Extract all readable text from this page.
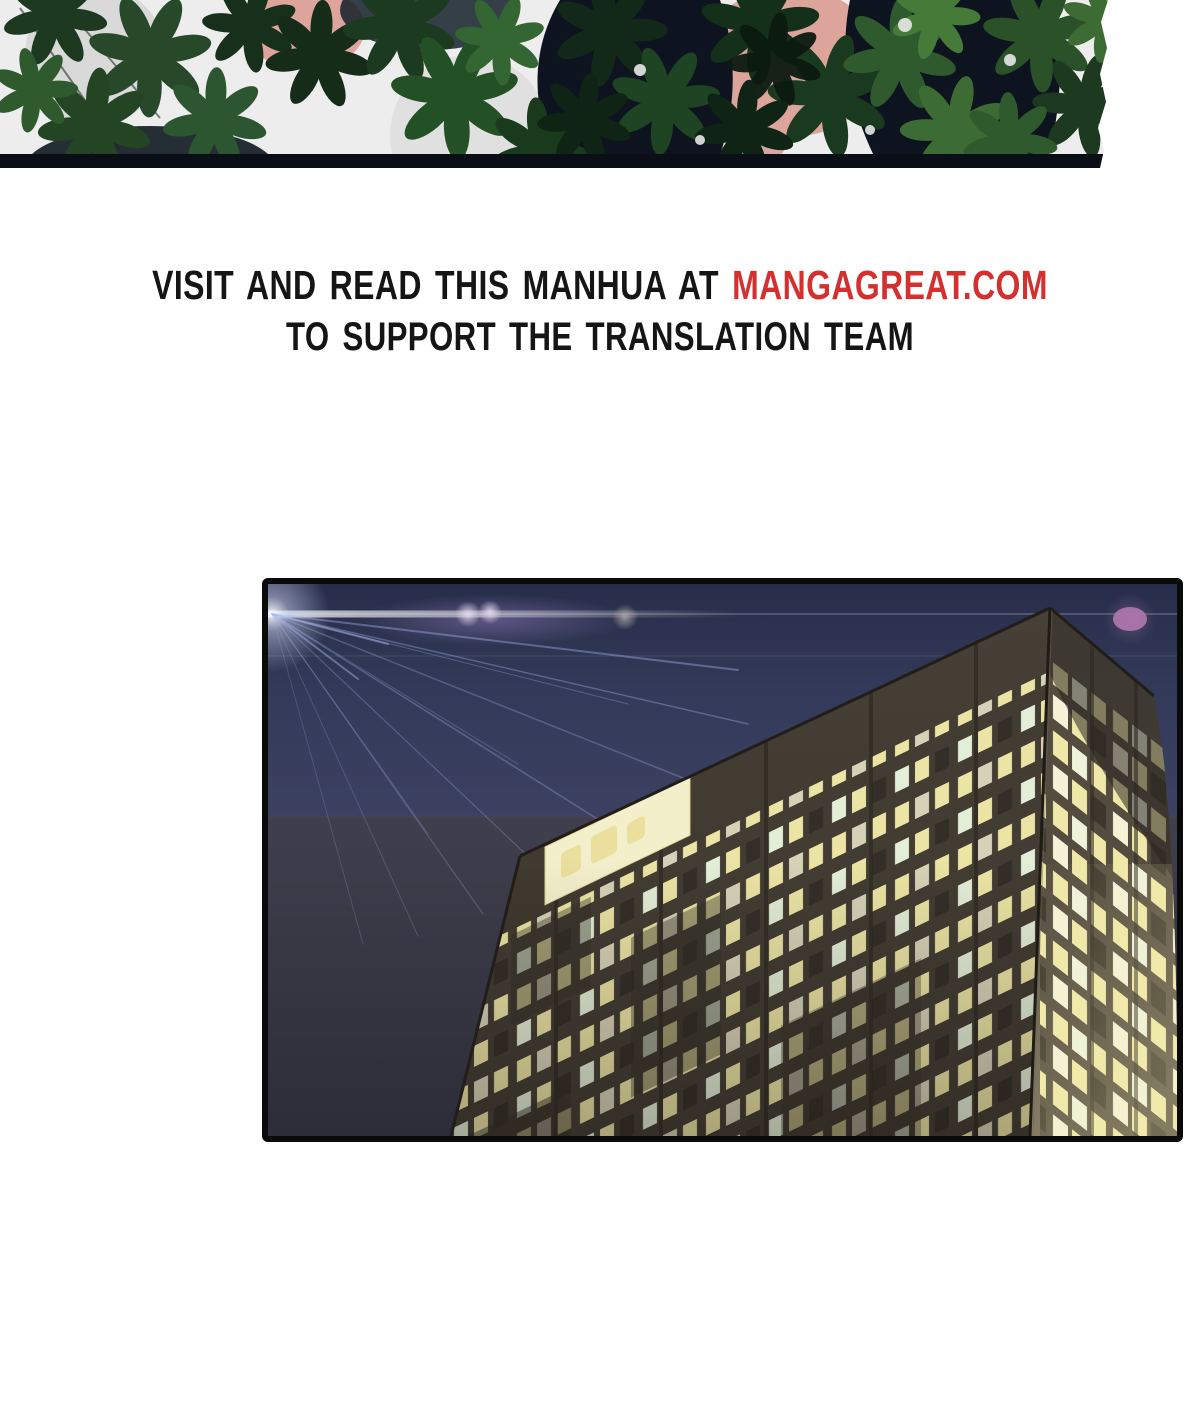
VISIT AND READ THIS MANHUA AT MANGAGREAT.COM
TO SUPPORT THE TRANSLATION TEAM
